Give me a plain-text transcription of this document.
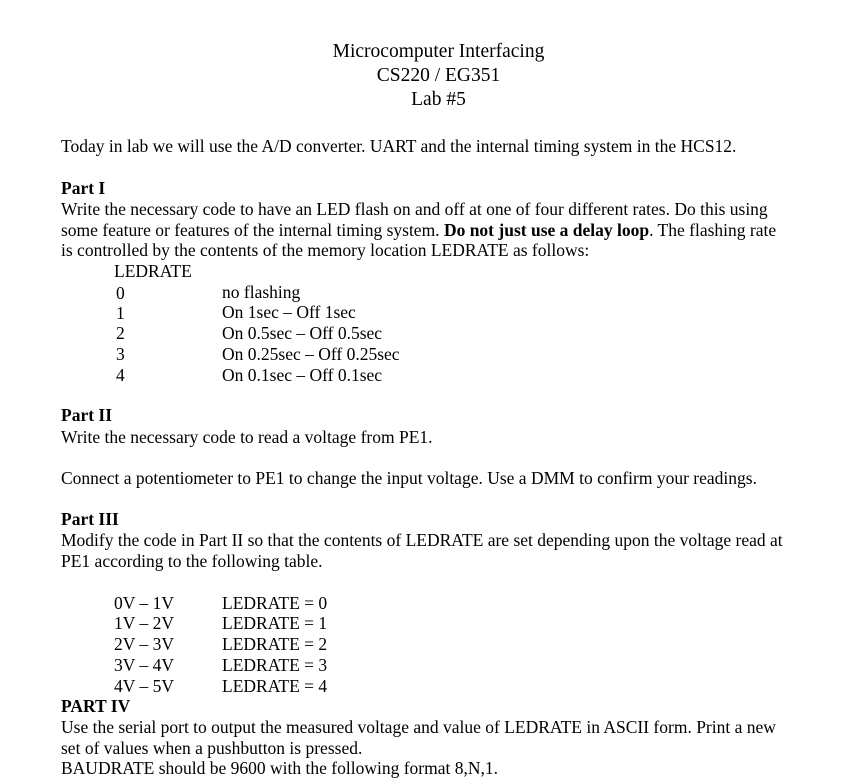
Microcomputer Interfacing
CS220 / EG351
Lab #5
Today in lab we will use the A/D converter. UART and the internal timing system in the HCS12.
Part I
Write the necessary code to have an LED flash on and off at one of four different rates. Do this using
some feature or features of the internal timing system. Do not just use a delay loop. The flashing rate
is controlled by the contents of the memory location LEDRATE as follows:
LEDRATE
0	no flashing
1	On 1sec – Off 1sec
2	On 0.5sec – Off 0.5sec
3	On 0.25sec – Off 0.25sec
4	On 0.1sec – Off 0.1sec
Part II
Write the necessary code to read a voltage from PE1.
Connect a potentiometer to PE1 to change the input voltage. Use a DMM to confirm your readings.
Part III
Modify the code in Part II so that the contents of LEDRATE are set depending upon the voltage read at
PE1 according to the following table.
0V – 1V	LEDRATE = 0
1V – 2V	LEDRATE = 1
2V – 3V	LEDRATE = 2
3V – 4V	LEDRATE = 3
4V – 5V	LEDRATE = 4
PART IV
Use the serial port to output the measured voltage and value of LEDRATE in ASCII form. Print a new
set of values when a pushbutton is pressed.
BAUDRATE should be 9600 with the following format 8,N,1.
